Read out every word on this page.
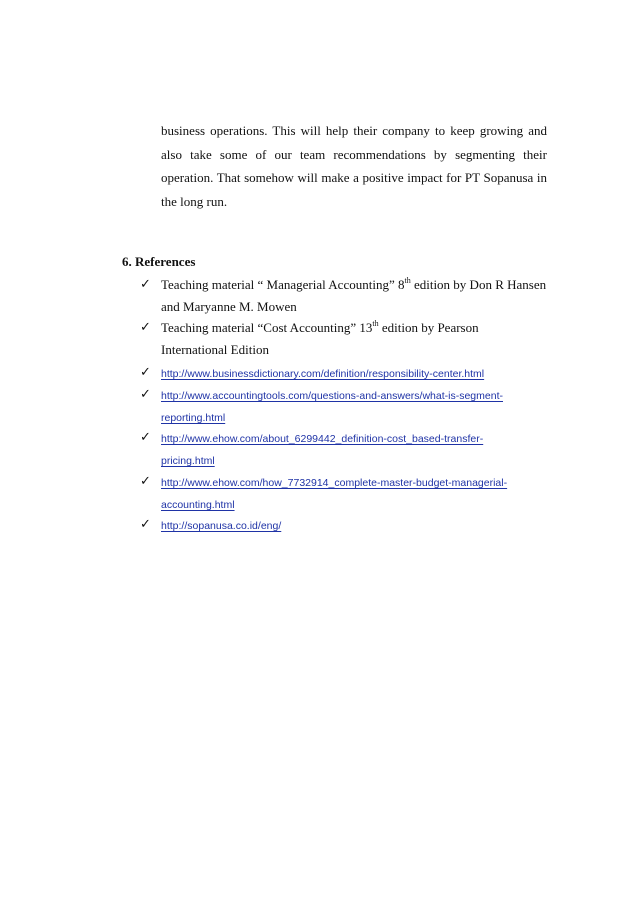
business operations. This will help their company to keep growing and
also take some of our team recommendations by segmenting their
operation. That somehow will make a positive impact for PT Sopanusa in
the long run.
6. References
✓ Teaching material “ Managerial Accounting” 8th edition by Don R Hansen
and Maryanne M. Mowen
✓ Teaching material “Cost Accounting” 13th edition by Pearson
International Edition
✓ http://www.businessdictionary.com/definition/responsibility-center.html
✓ http://www.accountingtools.com/questions-and-answers/what-is-segment-
reporting.html
✓ http://www.ehow.com/about_6299442_definition-cost_based-transfer-
pricing.html
✓ http://www.ehow.com/how_7732914_complete-master-budget-managerial-
accounting.html
✓ http://sopanusa.co.id/eng/
